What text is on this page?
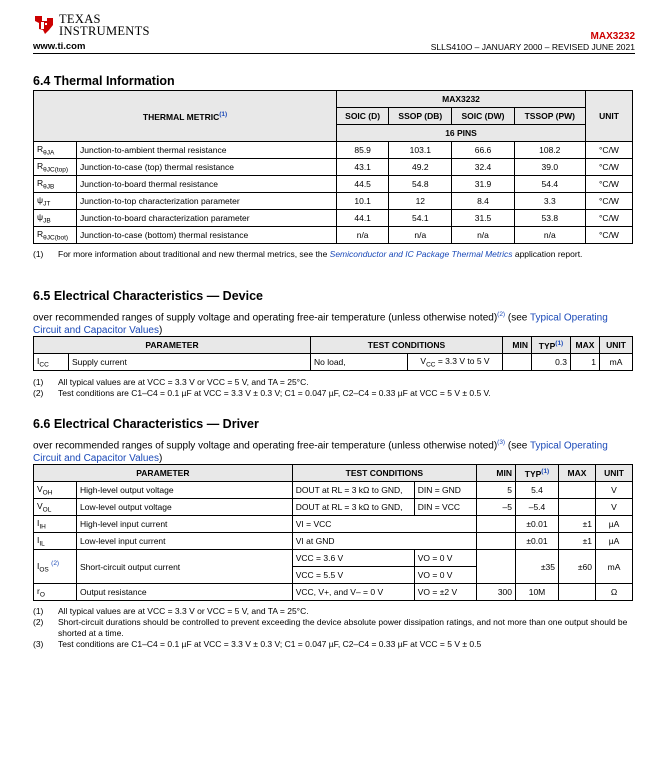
TEXAS
INSTRUMENTS
www.ti.com
MAX3232
SLLS410O – JANUARY 2000 – REVISED JUNE 2021
6.4 Thermal Information
THERMAL METRIC$^{(1)}$		MAX3232				UNIT
		SOIC (D)	SSOP (DB)	SOIC (DW)	TSSOP (PW)	
		16 PINS				
$R_{\theta JA}$	Junction-to-ambient thermal resistance	85.9	103.1	66.6	108.2	°C/W
$R_{\theta JC(top)}$	Junction-to-case (top) thermal resistance	43.1	49.2	32.4	39.0	°C/W
$R_{\theta JB}$	Junction-to-board thermal resistance	44.5	54.8	31.9	54.4	°C/W
$\psi_{JT}$	Junction-to-top characterization parameter	10.1	12	8.4	3.3	°C/W
$\psi_{JB}$	Junction-to-board characterization parameter	44.1	54.1	31.5	53.8	°C/W
$R_{\theta JC(bot)}$	Junction-to-case (bottom) thermal resistance	n/a	n/a	n/a	n/a	°C/W
(1)	For more information about traditional and new thermal metrics, see the Semiconductor and IC Package Thermal Metrics application report.
6.5 Electrical Characteristics — Device
over recommended ranges of supply voltage and operating free-air temperature (unless otherwise noted)$^{(2)}$ (see Typical Operating Circuit and Capacitor Values)
PARAMETER		TEST CONDITIONS		MIN	TYP$^{(1)}$	MAX	UNIT
$I_{CC}$	Supply current	No load,	$V_{CC} = 3.3$ V to 5 V		0.3	1	mA
(1)	All typical values are at VCC = 3.3 V or VCC = 5 V, and TA = 25°C.
(2)	Test conditions are C1–C4 = 0.1 µF at VCC = 3.3 V ± 0.3 V; C1 = 0.047 µF, C2–C4 = 0.33 µF at VCC = 5 V ± 0.5 V.
6.6 Electrical Characteristics — Driver
over recommended ranges of supply voltage and operating free-air temperature (unless otherwise noted)$^{(3)}$ (see Typical Operating Circuit and Capacitor Values)
PARAMETER		TEST CONDITIONS		MIN	TYP$^{(1)}$	MAX	UNIT
$V_{OH}$	High-level output voltage	DOUT at RL = 3 kΩ to GND,	DIN = GND	5	5.4		V
$V_{OL}$	Low-level output voltage	DOUT at RL = 3 kΩ to GND,	DIN = VCC	–5	–5.4		V
$I_{IH}$	High-level input current	VI = VCC			±0.01	±1	µA
$I_{IL}$	Low-level input current	VI at GND			±0.01	±1	µA
$I_{OS}$ $^{(2)}$	Short-circuit output current	VCC = 3.6 V	VO = 0 V		±35	±60	mA
		VCC = 5.5 V	VO = 0 V				
$r_O$	Output resistance	VCC, V+, and V– = 0 V	VO = ±2 V	300	10M		Ω
(1)	All typical values are at VCC = 3.3 V or VCC = 5 V, and TA = 25°C.
(2)	Short-circuit durations should be controlled to prevent exceeding the device absolute power dissipation ratings, and not more than one output should be shorted at a time.
(3)	Test conditions are C1–C4 = 0.1 µF at VCC = 3.3 V ± 0.3 V; C1 = 0.047 µF, C2–C4 = 0.33 µF at VCC = 5 V ± 0.5
